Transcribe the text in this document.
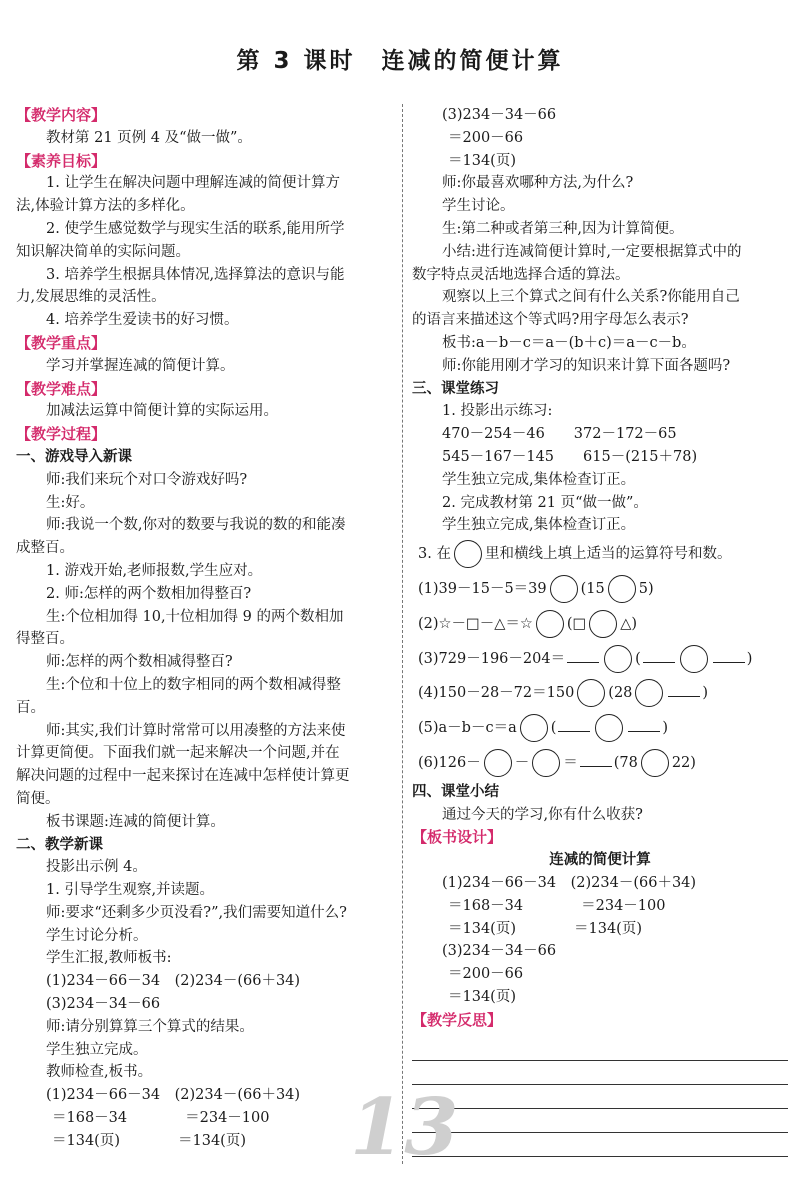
第 3 课时　连减的简便计算
【教学内容】
教材第 21 页例 4 及“做一做”。
【素养目标】
1. 让学生在解决问题中理解连减的简便计算方
法,体验计算方法的多样化。
2. 使学生感觉数学与现实生活的联系,能用所学
知识解决简单的实际问题。
3. 培养学生根据具体情况,选择算法的意识与能
力,发展思维的灵活性。
4. 培养学生爱读书的好习惯。
【教学重点】
学习并掌握连减的简便计算。
【教学难点】
加减法运算中简便计算的实际运用。
【教学过程】
一、游戏导入新课
师:我们来玩个对口令游戏好吗?
生:好。
师:我说一个数,你对的数要与我说的数的和能凑
成整百。
1. 游戏开始,老师报数,学生应对。
2. 师:怎样的两个数相加得整百?
生:个位相加得 10,十位相加得 9 的两个数相加
得整百。
师:怎样的两个数相减得整百?
生:个位和十位上的数字相同的两个数相减得整
百。
师:其实,我们计算时常常可以用凑整的方法来使
计算更简便。下面我们就一起来解决一个问题,并在
解决问题的过程中一起来探讨在连减中怎样使计算更
简便。
板书课题:连减的简便计算。
二、教学新课
投影出示例 4。
1. 引导学生观察,并读题。
师:要求“还剩多少页没看?”,我们需要知道什么?
学生讨论分析。
学生汇报,教师板书:
(1)234－66－34　(2)234－(66＋34)
(3)234－34－66
师:请分别算算三个算式的结果。
学生独立完成。
教师检查,板书。
(1)234－66－34　(2)234－(66＋34)
＝168－34　　　　＝234－100
＝134(页)　　　　＝134(页)
(3)234－34－66
＝200－66
＝134(页)
师:你最喜欢哪种方法,为什么?
学生讨论。
生:第二种或者第三种,因为计算简便。
小结:进行连减简便计算时,一定要根据算式中的
数字特点灵活地选择合适的算法。
观察以上三个算式之间有什么关系?你能用自己
的语言来描述这个等式吗?用字母怎么表示?
板书:a－b－c＝a－(b＋c)＝a－c－b。
师:你能用刚才学习的知识来计算下面各题吗?
三、课堂练习
1. 投影出示练习:
470－254－46　　372－172－65
545－167－145　　615－(215＋78)
学生独立完成,集体检查订正。
2. 完成教材第 21 页“做一做”。
学生独立完成,集体检查订正。
3. 在 里和横线上填上适当的运算符号和数。
(1)39－15－5＝39 (15 5)
(2)☆－□－△＝☆ (□ △)
(3)729－196－204＝	(	)
(4)150－28－72＝150 (28	)
(5)a－b－c＝a (	)
(6)126－ － ＝ (78 22)
四、课堂小结
通过今天的学习,你有什么收获?
【板书设计】
连减的简便计算
(1)234－66－34　(2)234－(66＋34)
＝168－34　　　　＝234－100
＝134(页)　　　　＝134(页)
(3)234－34－66
＝200－66
＝134(页)
【教学反思】
13
